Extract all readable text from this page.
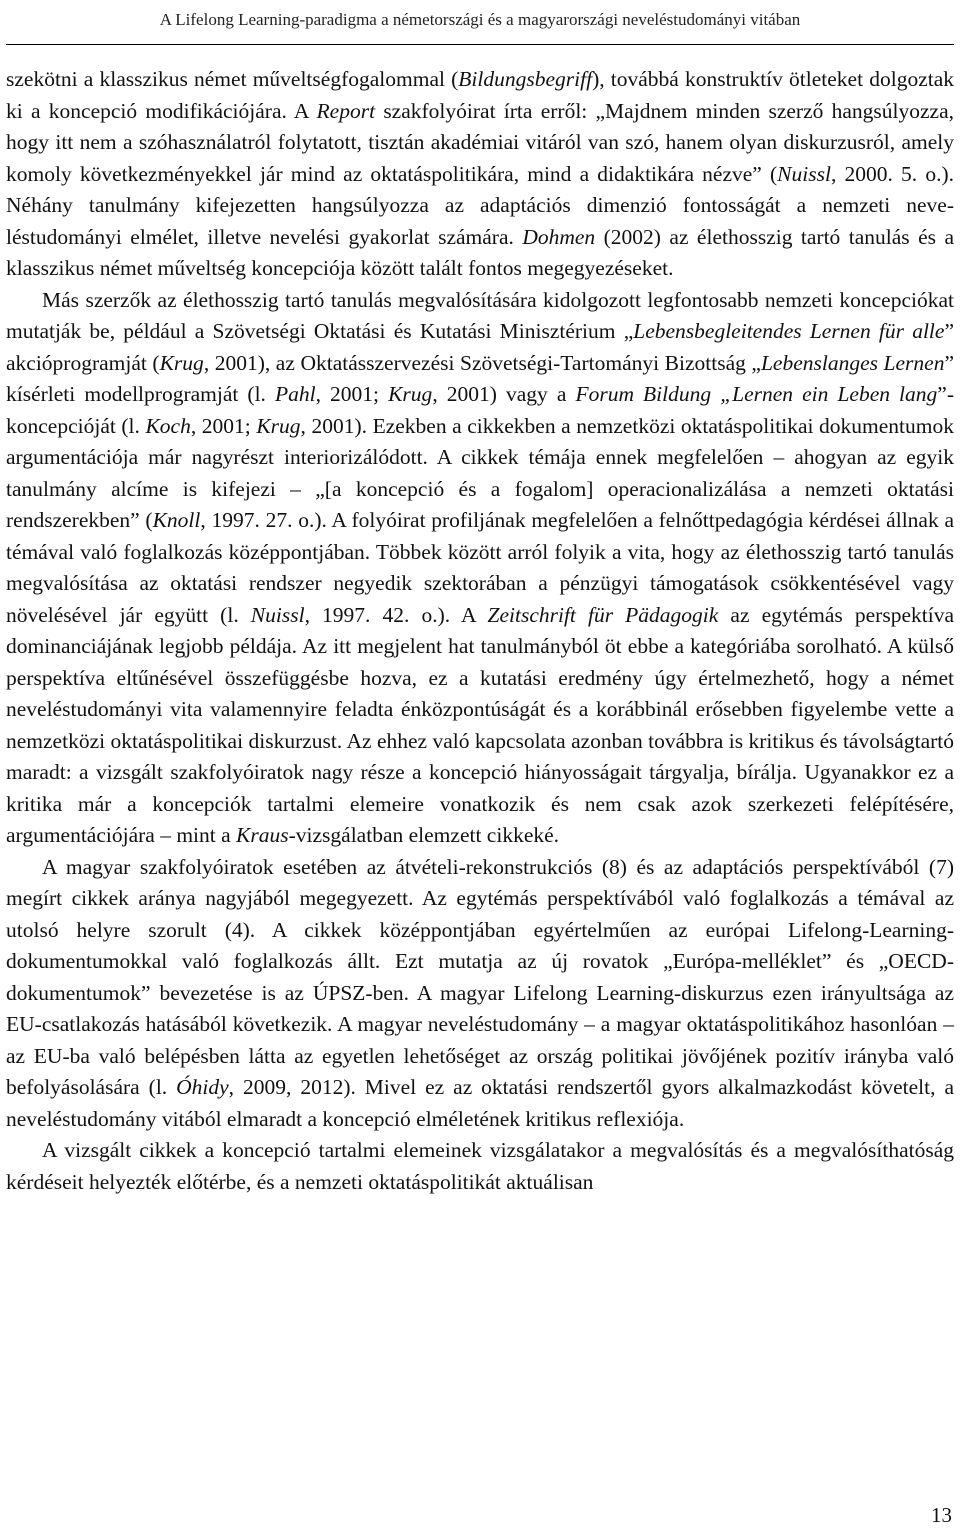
A Lifelong Learning-paradigma a németországi és a magyarországi neveléstudományi vitában

szekötni a klasszikus német műveltségfogalommal (Bildungsbegriff), továbbá konstruktív ötleteket dolgoztak ki a koncepció modifikációjára. A Report szakfolyóirat írta erről: „Majdnem minden szerző hangsúlyozza, hogy itt nem a szóhasználatról folytatott, tisztán akadémiai vitáról van szó, hanem olyan diskurzusról, amely komoly következményekkel jár mind az oktatáspolitikára, mind a didaktikára nézve” (Nuissl, 2000. 5. o.). Néhány tanulmány kifejezetten hangsúlyozza az adaptációs dimenzió fontosságát a nemzeti neveléstudományi elmélet, illetve nevelési gyakorlat számára. Dohmen (2002) az élethosszig tartó tanulás és a klasszikus német műveltség koncepciója között talált fontos megegyezéseket.

Más szerzők az élethosszig tartó tanulás megvalósítására kidolgozott legfontosabb nemzeti koncepciókat mutatják be, például a Szövetségi Oktatási és Kutatási Minisztérium „Lebensbegleitendes Lernen für alle” akcióprogramját (Krug, 2001), az Oktatásszervezési Szövetségi-Tartományi Bizottság „Lebenslanges Lernen” kísérleti modellprogramját (l. Pahl, 2001; Krug, 2001) vagy a Forum Bildung „Lernen ein Leben lang”-koncepcióját (l. Koch, 2001; Krug, 2001). Ezekben a cikkekben a nemzetközi oktatáspolitikai dokumentumok argumentációja már nagyrészt interiorizálódott. A cikkek témája ennek megfelelően – ahogyan az egyik tanulmány alcíme is kifejezi – „[a koncepció és a fogalom] operacionalizálása a nemzeti oktatási rendszerekben” (Knoll, 1997. 27. o.). A folyóirat profiljának megfelelően a felnőttpedagógia kérdései állnak a témával való foglalkozás középpontjában. Többek között arról folyik a vita, hogy az élethosszig tartó tanulás megvalósítása az oktatási rendszer negyedik szektorában a pénzügyi támogatások csökkentésével vagy növelésével jár együtt (l. Nuissl, 1997. 42. o.). A Zeitschrift für Pädagogik az egytémás perspektíva dominanciájának legjobb példája. Az itt megjelent hat tanulmányból öt ebbe a kategóriába sorolható. A külső perspektíva eltűnésével összefüggésbe hozva, ez a kutatási eredmény úgy értelmezhető, hogy a német neveléstudományi vita valamennyire feladta énközpontúságát és a korábbinál erősebben figyelembe vette a nemzetközi oktatáspolitikai diskurzust. Az ehhez való kapcsolata azonban továbbra is kritikus és távolságtartó maradt: a vizsgált szakfolyóiratok nagy része a koncepció hiányosságait tárgyalja, bírálja. Ugyanakkor ez a kritika már a koncepciók tartalmi elemeire vonatkozik és nem csak azok szerkezeti felépítésére, argumentációjára – mint a Kraus-vizsgálatban elemzett cikkeké.

A magyar szakfolyóiratok esetében az átvételi-rekonstrukciós (8) és az adaptációs perspektívából (7) megírt cikkek aránya nagyjából megegyezett. Az egytémás perspektívából való foglalkozás a témával az utolsó helyre szorult (4). A cikkek középpontjában egyértelműen az európai Lifelong-Learning-dokumentumokkal való foglalkozás állt. Ezt mutatja az új rovatok „Európa-melléklet” és „OECD-dokumentumok” bevezetése is az ÚPSZ-ben. A magyar Lifelong Learning-diskurzus ezen irányultsága az EU-csatlakozás hatásából következik. A magyar neveléstudomány – a magyar oktatáspolitikához hasonlóan – az EU-ba való belépésben látta az egyetlen lehetőséget az ország politikai jövőjének pozitív irányba való befolyásolására (l. Óhidy, 2009, 2012). Mivel ez az oktatási rendszertől gyors alkalmazkodást követelt, a neveléstudomány vitából elmaradt a koncepció elméletének kritikus reflexiója.

A vizsgált cikkek a koncepció tartalmi elemeinek vizsgálatakor a megvalósítás és a megvalósíthatóság kérdéseit helyezték előtérbe, és a nemzeti oktatáspolitikát aktuálisan

13
